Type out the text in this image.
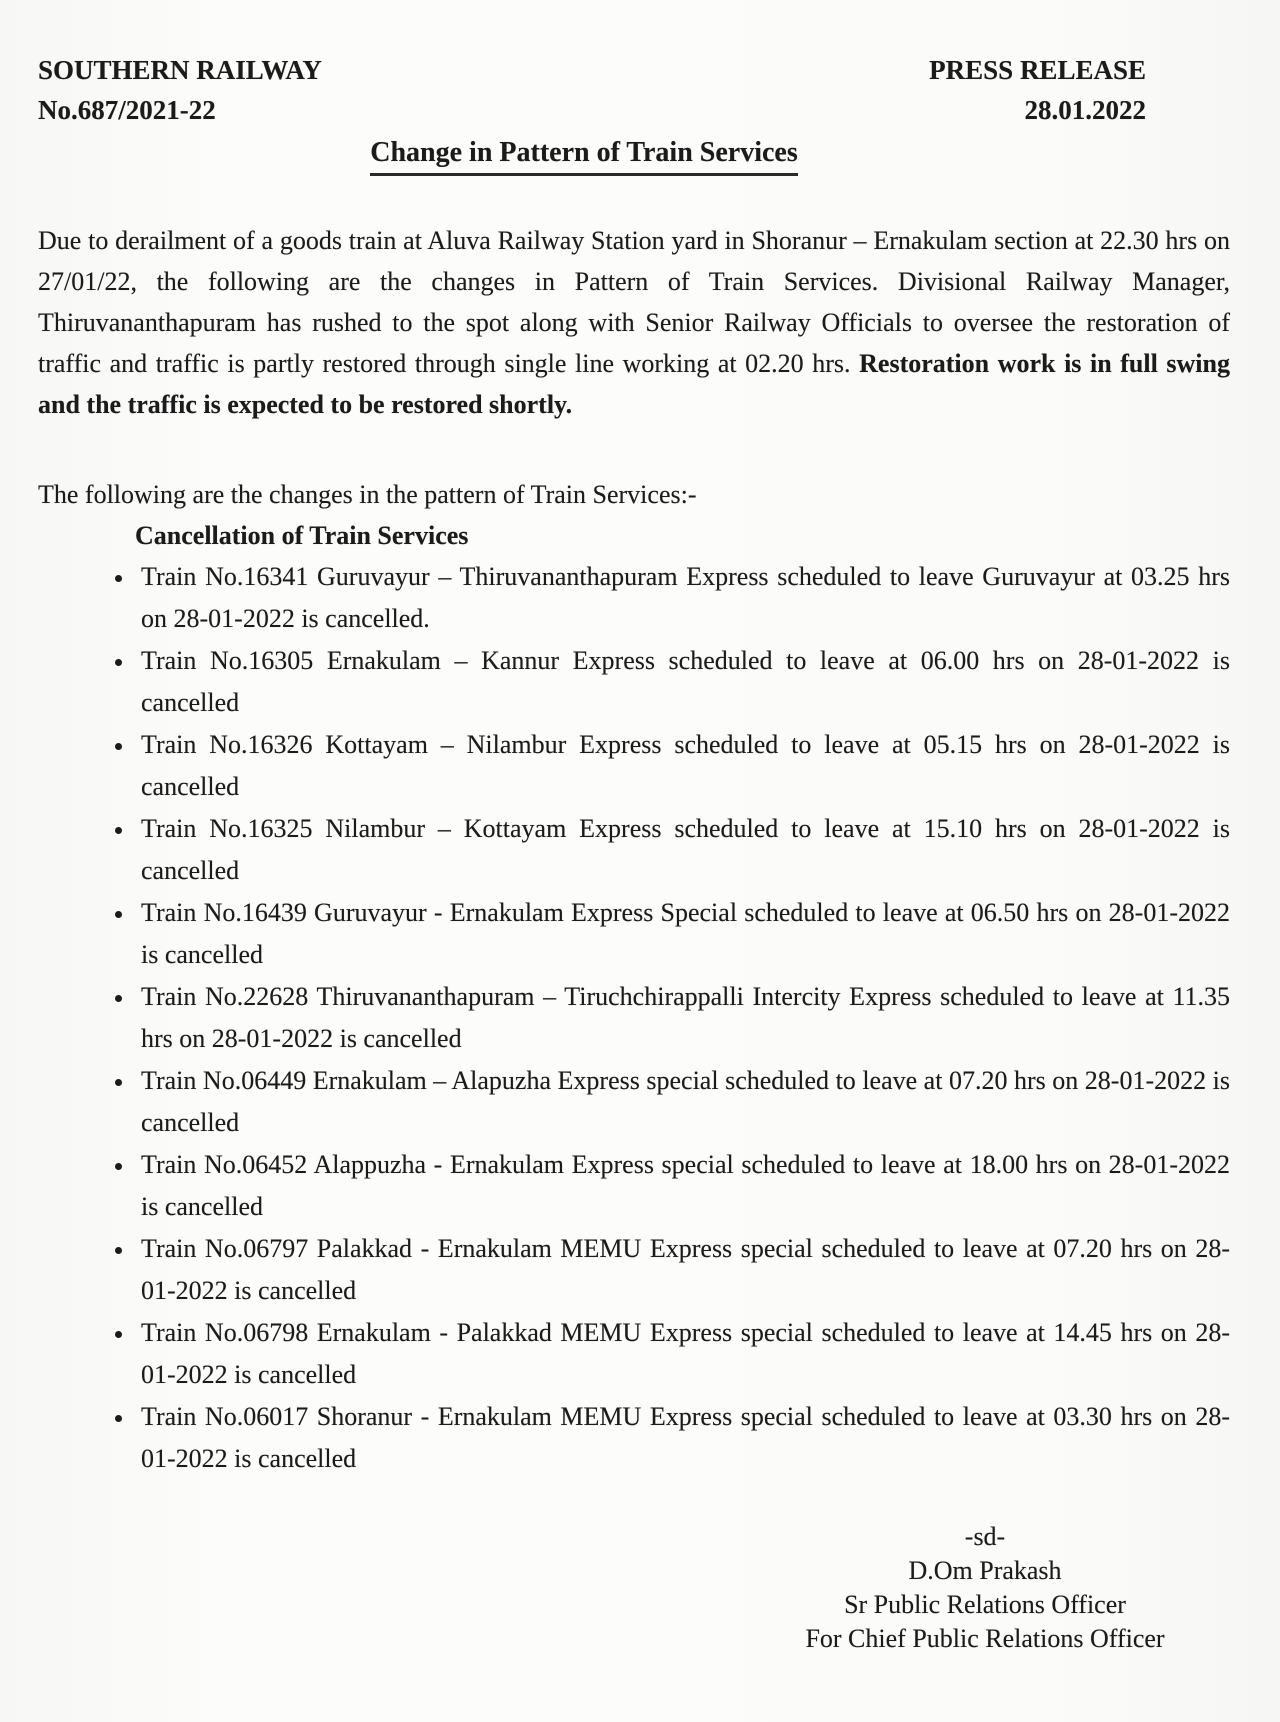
SOUTHERN RAILWAY	PRESS RELEASE
No.687/2021-22	28.01.2022
Change in Pattern of Train Services

Due to derailment of a goods train at Aluva Railway Station yard in Shoranur – Ernakulam section at 22.30 hrs on 27/01/22, the following are the changes in Pattern of Train Services. Divisional Railway Manager, Thiruvananthapuram has rushed to the spot along with Senior Railway Officials to oversee the restoration of traffic and traffic is partly restored through single line working at 02.20 hrs. Restoration work is in full swing and the traffic is expected to be restored shortly.

The following are the changes in the pattern of Train Services:-

Cancellation of Train Services

• Train No.16341 Guruvayur – Thiruvananthapuram Express scheduled to leave Guruvayur at 03.25 hrs on 28-01-2022 is cancelled.
• Train No.16305 Ernakulam – Kannur Express scheduled to leave at 06.00 hrs on 28-01-2022 is cancelled
• Train No.16326 Kottayam – Nilambur Express scheduled to leave at 05.15 hrs on 28-01-2022 is cancelled
• Train No.16325 Nilambur – Kottayam Express scheduled to leave at 15.10 hrs on 28-01-2022 is cancelled
• Train No.16439 Guruvayur - Ernakulam Express Special scheduled to leave at 06.50 hrs on 28-01-2022 is cancelled
• Train No.22628 Thiruvananthapuram – Tiruchchirappalli Intercity Express scheduled to leave at 11.35 hrs on 28-01-2022 is cancelled
• Train No.06449 Ernakulam – Alapuzha Express special scheduled to leave at 07.20 hrs on 28-01-2022 is cancelled
• Train No.06452 Alappuzha - Ernakulam Express special scheduled to leave at 18.00 hrs on 28-01-2022 is cancelled
• Train No.06797 Palakkad - Ernakulam MEMU Express special scheduled to leave at 07.20 hrs on 28-01-2022 is cancelled
• Train No.06798 Ernakulam - Palakkad MEMU Express special scheduled to leave at 14.45 hrs on 28-01-2022 is cancelled
• Train No.06017 Shoranur - Ernakulam MEMU Express special scheduled to leave at 03.30 hrs on 28-01-2022 is cancelled
-sd-
D.Om Prakash
Sr Public Relations Officer
For Chief Public Relations Officer
